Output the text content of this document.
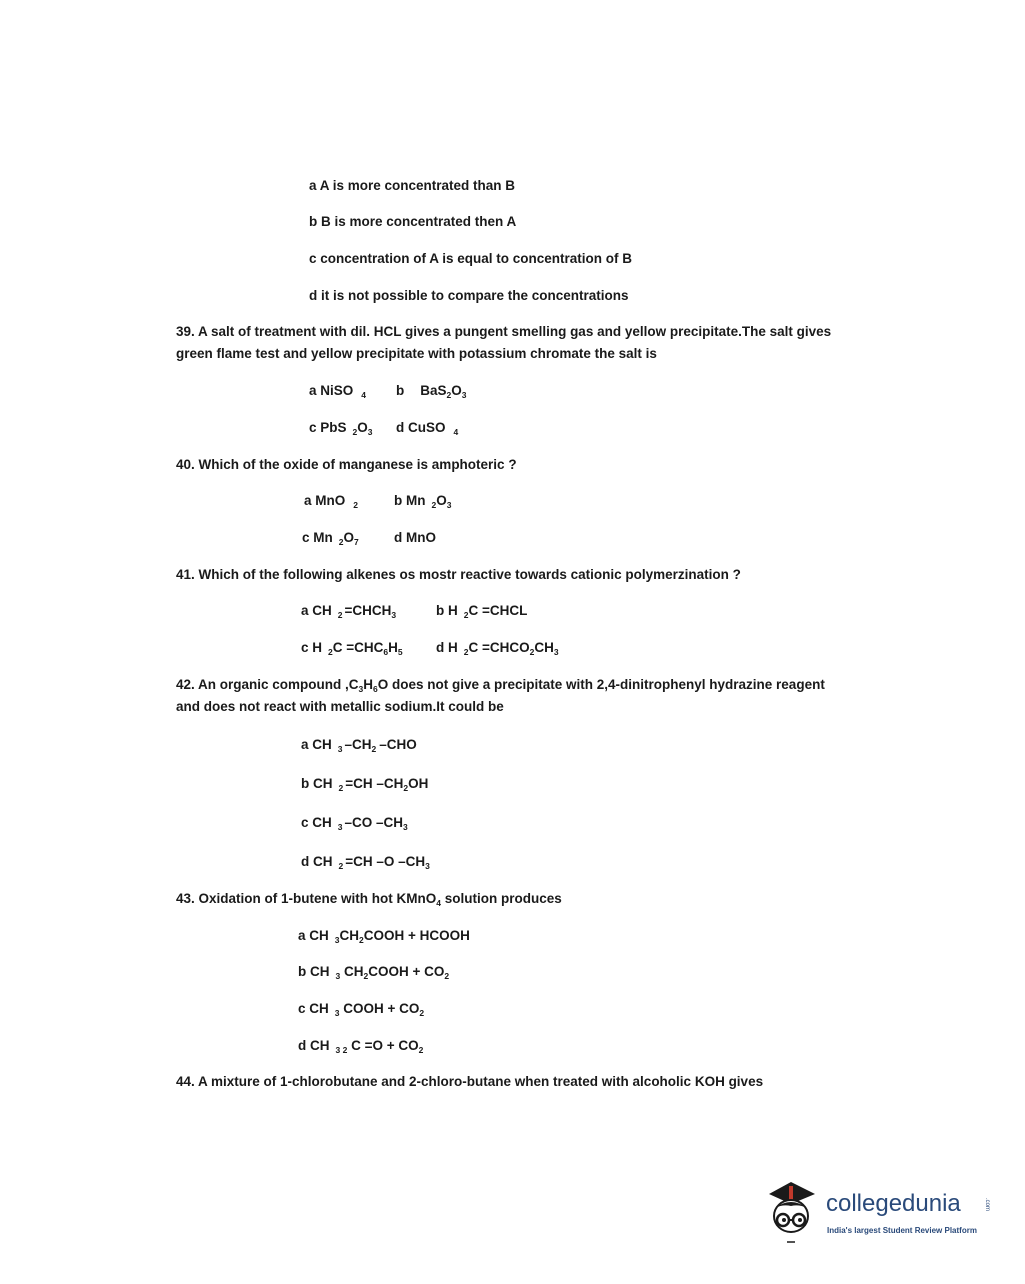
a A is more concentrated than B
b B is more concentrated then A
c concentration of A is equal to concentration of B
d it is not possible to compare the concentrations
39. A salt of treatment with dil. HCL gives a pungent smelling gas and yellow precipitate.The salt gives
green flame test and yellow precipitate with potassium chromate the salt is
a NiSO $_4$ b $BaS_2O_3$
c PbS $_2O_3$ d CuSO $_4$
40. Which of the oxide of manganese is amphoteric ?
a MnO $_2$	b Mn $_2O_3$
c Mn $_2O_7$	d MnO
41. Which of the following alkenes os mostr reactive towards cationic polymerzination ?
a CH $_2 =CHCH_3$	b H $_2$C =CHCL
c H $_2C =CHC_6H_5$ d H $_2C =CHCO_2CH_3$
42. An organic compound $,C_3H_6O$ does not give a precipitate with 2,4-dinitrophenyl hydrazine reagent
and does not react with metallic sodium.It could be
a CH $_3$ $-CH_2$ –CHO
b CH $_2$ =CH $-CH_2OH$
c CH $_3$ –CO $-CH_3$
d CH $_2$ =CH –O $-CH_3$
43. Oxidation of 1-butene with hot KMnO$_4$ solution produces
a CH $_3CH_2COOH$ + HCOOH
b CH $_3$ $CH_2COOH + CO_2$
c CH $_3$ COOH + $CO_2$
d CH $_{3 2}$ $C =O + CO_2$
44. A mixture of 1-chlorobutane and 2-chloro-butane when treated with alcoholic KOH gives
collegedunia	.com
India's largest Student Review Platform
